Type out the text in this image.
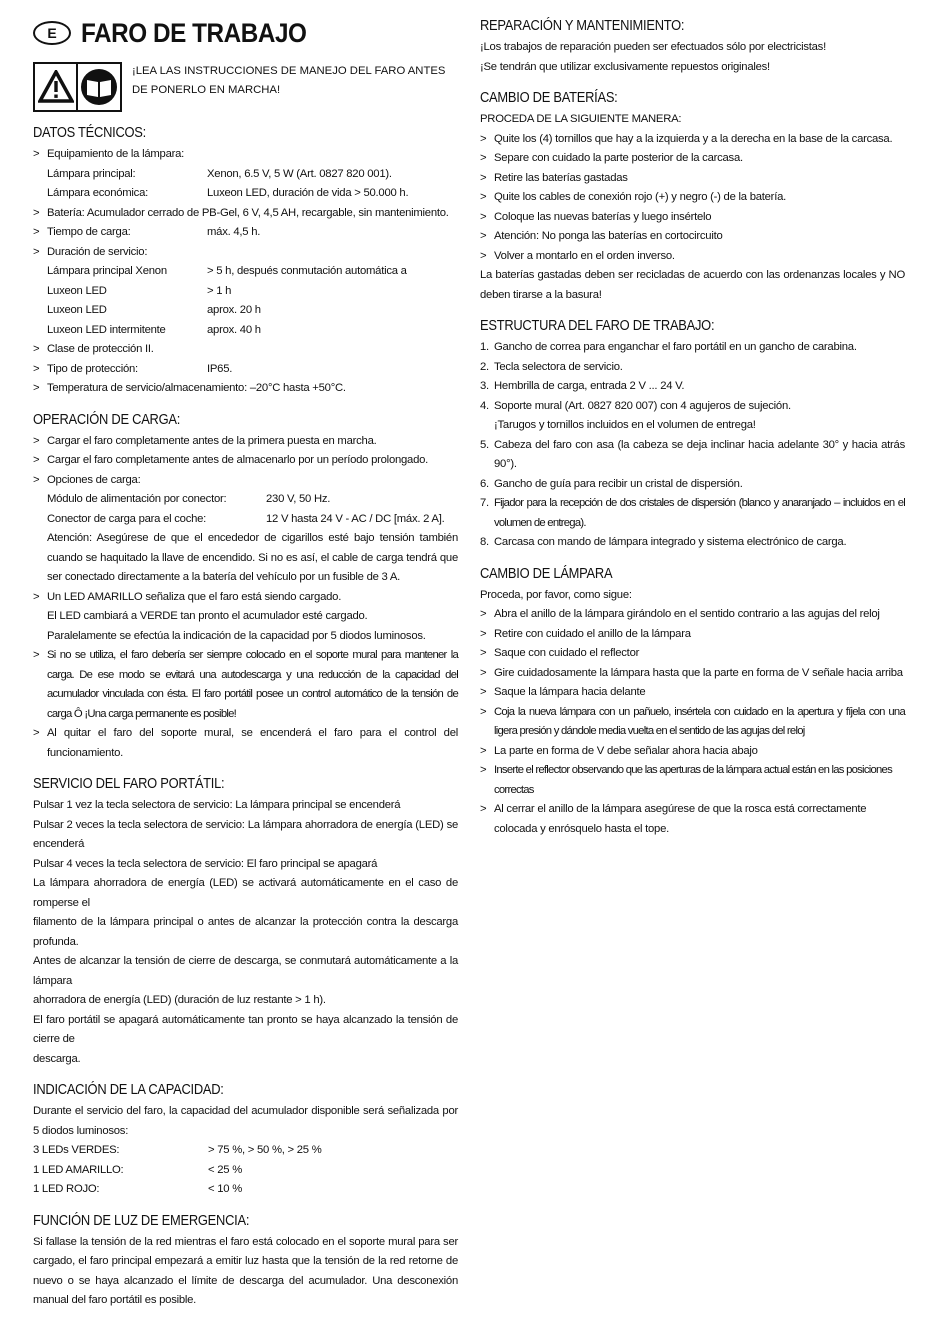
E FARO DE TRABAJO
¡LEA LAS INSTRUCCIONES DE MANEJO DEL FARO ANTES DE PONERLO EN MARCHA!
DATOS TÉCNICOS:
> Equipamiento de la lámpara:
Lámpara principal:	Xenon, 6.5 V, 5 W (Art. 0827 820 001).
Lámpara económica:	Luxeon LED, duración de vida > 50.000 h.
> Batería: Acumulador cerrado de PB-Gel, 6 V, 4,5 AH, recargable, sin mantenimiento.
> Tiempo de carga:	máx. 4,5 h.
> Duración de servicio:
Lámpara principal Xenon	> 5 h, después conmutación automática a
Luxeon LED	> 1 h
Luxeon LED	aprox. 20 h
Luxeon LED intermitente	aprox. 40 h
> Clase de protección II.
> Tipo de protección:	IP65.
> Temperatura de servicio/almacenamiento: –20°C hasta +50°C.
OPERACIÓN DE CARGA:
> Cargar el faro completamente antes de la primera puesta en marcha.
> Cargar el faro completamente antes de almacenarlo por un período prolongado.
> Opciones de carga:
Módulo de alimentación por conector:	230 V, 50 Hz.
Conector de carga para el coche:	12 V hasta 24 V - AC / DC [máx. 2 A].
Atención: Asegúrese de que el encededor de cigarillos esté bajo tensión también cuando se haquitado la llave de encendido. Si no es así, el cable de carga tendrá que ser conectado directamente a la batería del vehículo por un fusible de 3 A.
> Un LED AMARILLO señaliza que el faro está siendo cargado.
El LED cambiará a VERDE tan pronto el acumulador esté cargado.
Paralelamente se efectúa la indicación de la capacidad por 5 diodos luminosos.
> Si no se utiliza, el faro debería ser siempre colocado en el soporte mural para mantener la carga. De ese modo se evitará una autodescarga y una reducción de la capacidad del acumulador vinculada con ésta. El faro portátil posee un control automático de la tensión de carga Ô ¡Una carga permanente es posible!
> Al quitar el faro del soporte mural, se encenderá el faro para el control del funcionamiento.
SERVICIO DEL FARO PORTÁTIL:
Pulsar 1 vez la tecla selectora de servicio: La lámpara principal se encenderá
Pulsar 2 veces la tecla selectora de servicio: La lámpara ahorradora de energía (LED) se encenderá
Pulsar 4 veces la tecla selectora de servicio: El faro principal se apagará
La lámpara ahorradora de energía (LED) se activará automáticamente en el caso de romperse el
filamento de la lámpara principal o antes de alcanzar la protección contra la descarga profunda.
Antes de alcanzar la tensión de cierre de descarga, se conmutará automáticamente a la lámpara
ahorradora de energía (LED) (duración de luz restante > 1 h).
El faro portátil se apagará automáticamente tan pronto se haya alcanzado la tensión de cierre de
descarga.
INDICACIÓN DE LA CAPACIDAD:
Durante el servicio del faro, la capacidad del acumulador disponible será señalizada por 5 diodos luminosos:
3 LEDs VERDES:	> 75 %, > 50 %, > 25 %
1 LED AMARILLO:	< 25 %
1 LED ROJO:	< 10 %
FUNCIÓN DE LUZ DE EMERGENCIA:
Si fallase la tensión de la red mientras el faro está colocado en el soporte mural para ser cargado, el faro principal empezará a emitir luz hasta que la tensión de la red retorne de nuevo o se haya alcanzado el límite de descarga del acumulador. Una desconexión manual del faro portátil es posible.
REPARACIÓN Y MANTENIMIENTO:
¡Los trabajos de reparación pueden ser efectuados sólo por electricistas!
¡Se tendrán que utilizar exclusivamente repuestos originales!
CAMBIO DE BATERÍAS:
PROCEDA DE LA SIGUIENTE MANERA:
> Quite los (4) tornillos que hay a la izquierda y a la derecha en la base de la carcasa.
> Separe con cuidado la parte posterior de la carcasa.
> Retire las baterías gastadas
> Quite los cables de conexión rojo (+) y negro (-) de la batería.
> Coloque las nuevas baterías y luego insértelo
> Atención: No ponga las baterías en cortocircuito
> Volver a montarlo en el orden inverso.
La baterías gastadas deben ser recicladas de acuerdo con las ordenanzas locales y NO deben tirarse a la basura!
ESTRUCTURA DEL FARO DE TRABAJO:
1. Gancho de correa para enganchar el faro portátil en un gancho de carabina.
2. Tecla selectora de servicio.
3. Hembrilla de carga, entrada 2 V ... 24 V.
4. Soporte mural (Art. 0827 820 007) con 4 agujeros de sujeción.
¡Tarugos y tornillos incluidos en el volumen de entrega!
5. Cabeza del faro con asa (la cabeza se deja inclinar hacia adelante 30° y hacia atrás 90°).
6. Gancho de guía para recibir un cristal de dispersión.
7. Fijador para la recepción de dos cristales de dispersión (blanco y anaranjado – incluidos en el volumen de entrega).
8. Carcasa con mando de lámpara integrado y sistema electrónico de carga.
CAMBIO DE LÁMPARA
Proceda, por favor, como sigue:
> Abra el anillo de la lámpara girándolo en el sentido contrario a las agujas del reloj
> Retire con cuidado el anillo de la lámpara
> Saque con cuidado el reflector
> Gire cuidadosamente la lámpara hasta que la parte en forma de V señale hacia arriba
> Saque la lámpara hacia delante
> Coja la nueva lámpara con un pañuelo, insértela con cuidado en la apertura y fíjela con una ligera presión y dándole media vuelta en el sentido de las agujas del reloj
> La parte en forma de V debe señalar ahora hacia abajo
> Inserte el reflector observando que las aperturas de la lámpara actual están en las posiciones correctas
> Al cerrar el anillo de la lámpara asegúrese de que la rosca está correctamente colocada y enrósquelo hasta el tope.
